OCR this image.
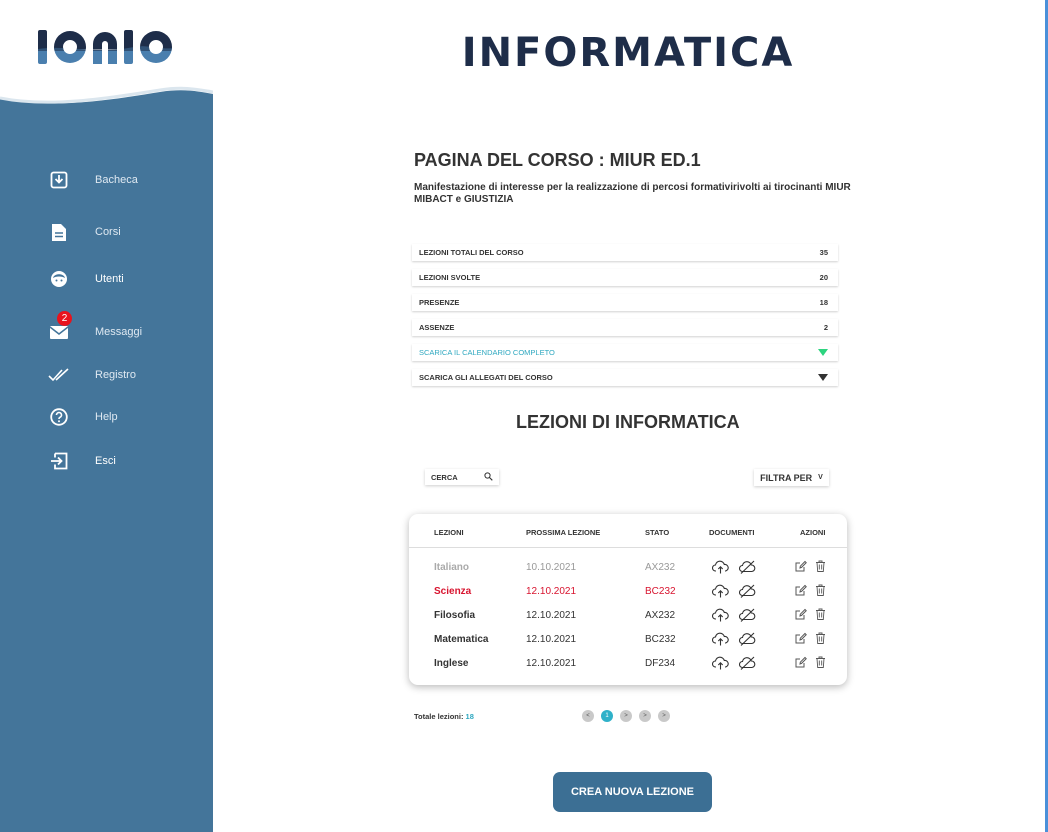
Bacheca
Corsi
Utenti
2
Messaggi
Registro
Help
Esci
INFORMATICA
PAGINA DEL CORSO : MIUR ED.1
Manifestazione di interesse per la realizzazione di percosi formativirivolti ai tirocinanti MIUR MIBACT e GIUSTIZIA
LEZIONI TOTALI DEL CORSO	35
LEZIONI SVOLTE	20
PRESENZE	18
ASSENZE	2
SCARICA IL CALENDARIO COMPLETO
SCARICA GLI ALLEGATI DEL CORSO
LEZIONI DI INFORMATICA
CERCA	FILTRA PER V
LEZIONI	PROSSIMA LEZIONE	STATO	DOCUMENTI	AZIONI
Italiano	10.10.2021	AX232
Scienza	12.10.2021	BC232
Filosofia	12.10.2021	AX232
Matematica	12.10.2021	BC232
Inglese	12.10.2021	DF234
Totale lezioni: 18	<	1	>	>	>
CREA NUOVA LEZIONE
